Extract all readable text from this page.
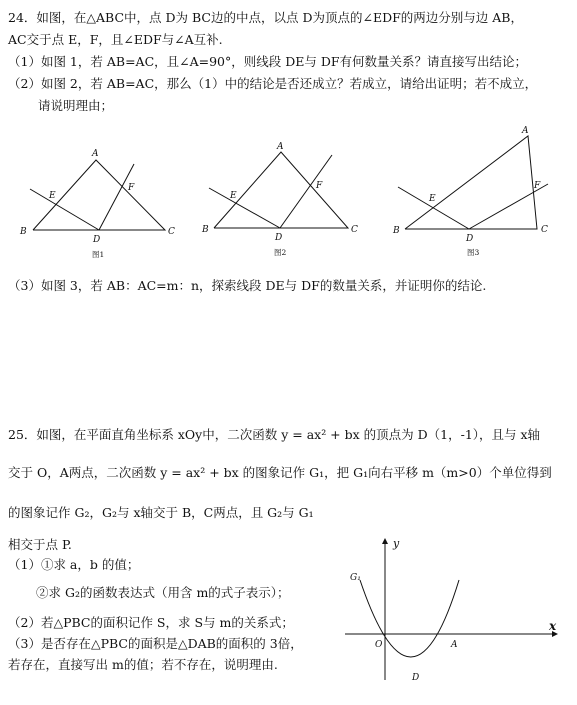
24．如图，在△ABC中，点 D为 BC边的中点，以点 D为顶点的∠EDF的两边分别与边 AB，
AC交于点 E，F，且∠EDF与∠A互补.
（1）如图 1，若 AB=AC，且∠A=90°，则线段 DE与 DF有何数量关系？请直接写出结论；
（2）如图 2，若 AB=AC，那么（1）中的结论是否还成立？若成立，请给出证明；若不成立，
请说明理由；
A
B	C
D
E
F
图1
A
B	C
D
E
F
图2
A
B	C
D
E
F
图3
（3）如图 3，若 AB：AC=m：n，探索线段 DE与 DF的数量关系，并证明你的结论.
25．如图，在平面直角坐标系 xOy中，二次函数 y = ax² + bx 的顶点为 D（1，-1），且与 x轴
交于 O，A两点，二次函数 y = ax² + bx 的图象记作 G₁，把 G₁向右平移 m（m>0）个单位得到
的图象记作 G₂，G₂与 x轴交于 B，C两点，且 G₂与 G₁
相交于点 P.
（1）①求 a，b 的值；
②求 G₂的函数表达式（用含 m的式子表示）；
（2）若△PBC的面积记作 S，求 S与 m的关系式；
（3）是否存在△PBC的面积是△DAB的面积的 3倍，
若存在，直接写出 m的值；若不存在，说明理由.
y
x
O	A
D
G₁
